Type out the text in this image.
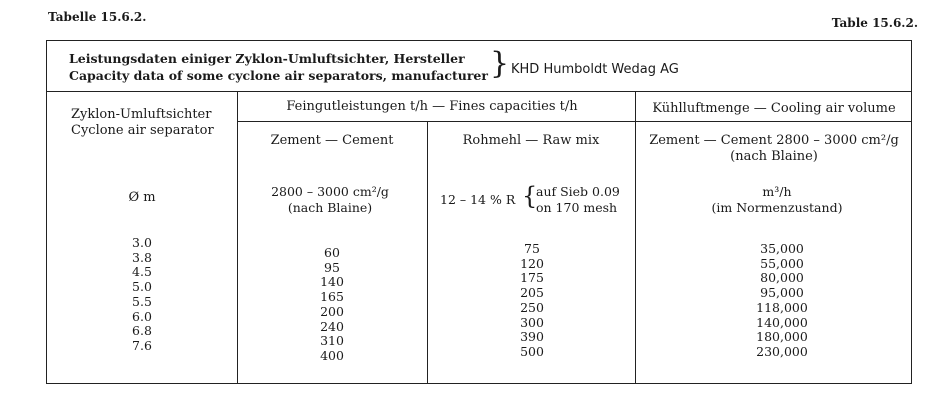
Tabelle 15.6.2.	Table 15.6.2.
Leistungsdaten einiger Zyklon-Umluftsichter, Hersteller
Capacity data of some cyclone air separators, manufacturer } KHD Humboldt Wedag AG
Zyklon-Umluftsichter
Cyclone air separator
Ø m
Feingutleistungen t/h — Fines capacities t/h
Zement — Cement
2800 – 3000 cm²/g
(nach Blaine)
Rohmehl — Raw mix
12 – 14 % R {
auf Sieb 0.09
on 170 mesh
Kühlluftmenge — Cooling air volume
Zement — Cement 2800 – 3000 cm²/g
(nach Blaine)
m³/h
(im Normenzustand)
3.0
3.8
4.5
5.0
5.5
6.0
6.8
7.6
60
95
140
165
200
240
310
400
75
120
175
205
250
300
390
500
35,000
55,000
80,000
95,000
118,000
140,000
180,000
230,000
